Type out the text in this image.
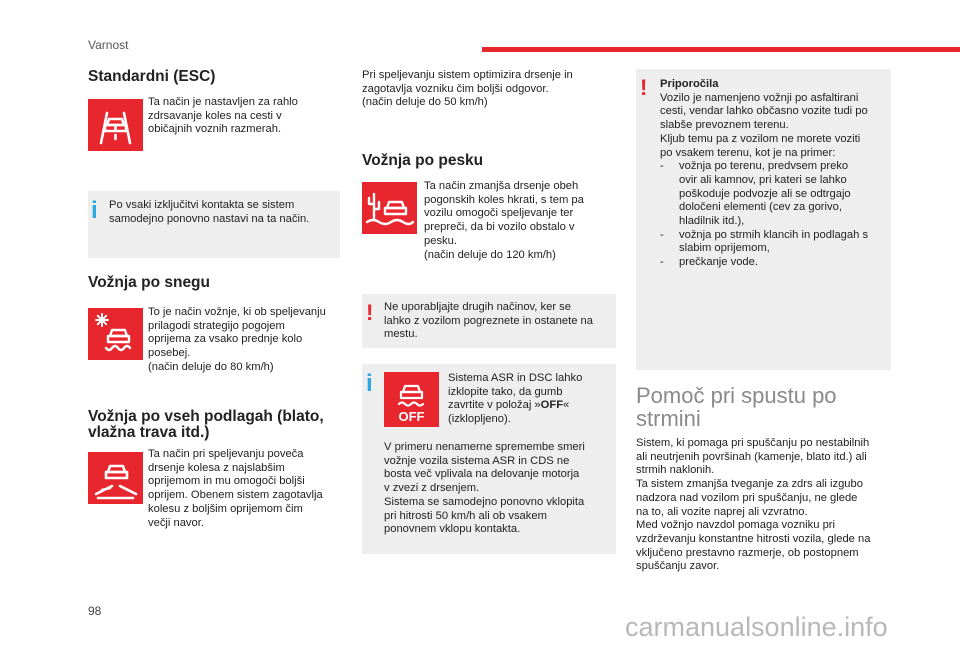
Varnost
Standardni (ESC)
Ta način je nastavljen za rahlo
zdrsavanje koles na cesti v
običajnih voznih razmerah.
i Po vsaki izklјučitvi kontakta se sistem
samodejno ponovno nastavi na ta način.
Vožnja po snegu
To je način vožnje, ki ob speljevanju
prilagodi strategijo pogojem
oprijema za vsako prednje kolo
posebej.
(način deluje do 80 km/h)
Vožnja po vseh podlagah (blato,
vlažna trava itd.)
Ta način pri speljevanju poveča
drsenje kolesa z najslabšim
oprijemom in mu omogoči boljši
oprijem. Obenem sistem zagotavlja
kolesu z boljšim oprijemom čim
večji navor.
Pri speljevanju sistem optimizira drsenje in
zagotavlja vozniku čim boljši odgovor.
(način deluje do 50 km/h)
Vožnja po pesku
Ta način zmanjša drsenje obeh
pogonskih koles hkrati, s tem pa
vozilu omogoči speljevanje ter
prepreči, da bi vozilo obstalo v
pesku.
(način deluje do 120 km/h)
! Ne uporabljajte drugih načinov, ker se
lahko z vozilom pogreznete in ostanete na
mestu.
i
OFF
Sistema ASR in DSC lahko
izklopite tako, da gumb
zavrtite v položaj »OFF«
(izklopljeno).
V primeru nenamerne spremembe smeri
vožnje vozila sistema ASR in CDS ne
bosta več vplivala na delovanje motorja
v zvezi z drsenjem.
Sistema se samodejno ponovno vklopita
pri hitrosti 50 km/h ali ob vsakem
ponovnem vklopu kontakta.
! Priporočila
Vozilo je namenjeno vožnji po asfaltirani
cesti, vendar lahko občasno vozite tudi po
slabše prevoznem terenu.
Kljub temu pa z vozilom ne morete voziti
po vsakem terenu, kot je na primer:
- vožnja po terenu, predvsem preko
ovir ali kamnov, pri kateri se lahko
poškoduje podvozje ali se odtrgajo
določeni elementi (cev za gorivo,
hladilnik itd.),
- vožnja po strmih klancih in podlagah s
slabim oprijemom,
- prečkanje vode.
Pomoč pri spustu po
strmini
Sistem, ki pomaga pri spuščanju po nestabilnih
ali neutrjenih površinah (kamenje, blato itd.) ali
strmih naklonih.
Ta sistem zmanjša tveganje za zdrs ali izgubo
nadzora nad vozilom pri spuščanju, ne glede
na to, ali vozite naprej ali vzvratno.
Med vožnjo navzdol pomaga vozniku pri
vzdrževanju konstantne hitrosti vozila, glede na
vključeno prestavno razmerje, ob postopnem
spuščanju zavor.
98
carmanualsonline.info
